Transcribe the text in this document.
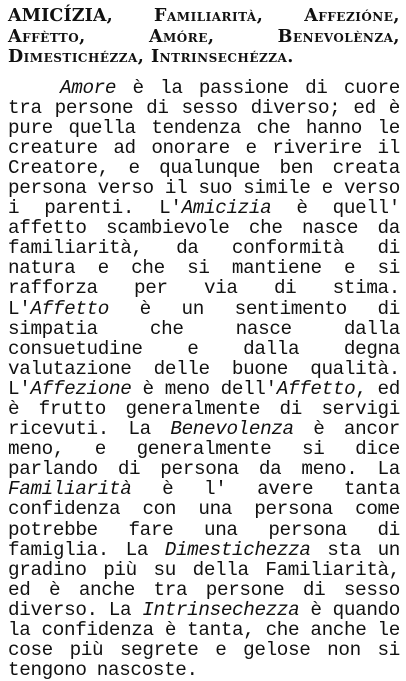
AMICÍZIA, Familiarità, Affezióne, Affètto, Amóre, Benevolènza, Dimestichézza, Intrinsechézza.
Amore è la passione di cuore tra persone di sesso diverso; ed è pure quella tendenza che hanno le creature ad onorare e riverire il Creatore, e qualunque ben creata persona verso il suo simile e verso i parenti. L'Amicizia è quell' affetto scambievole che nasce da familiarità, da conformità di natura e che si mantiene e si rafforza per via di stima. L'Affetto è un sentimento di simpatia che nasce dalla consuetudine e dalla degna valutazione delle buone qualità. L'Affezione è meno dell'Affetto, ed è frutto generalmente di servigi ricevuti. La Benevolenza è ancor meno, e generalmente si dice parlando di persona da meno. La Familiarità è l' avere tanta confidenza con una persona come potrebbe fare una persona di famiglia. La Dimestichezza sta un gradino più su della Familiarità, ed è anche tra persone di sesso diverso. La Intrinsechezza è quando la confidenza è tanta, che anche le cose più segrete e gelose non si tengono nascoste.
